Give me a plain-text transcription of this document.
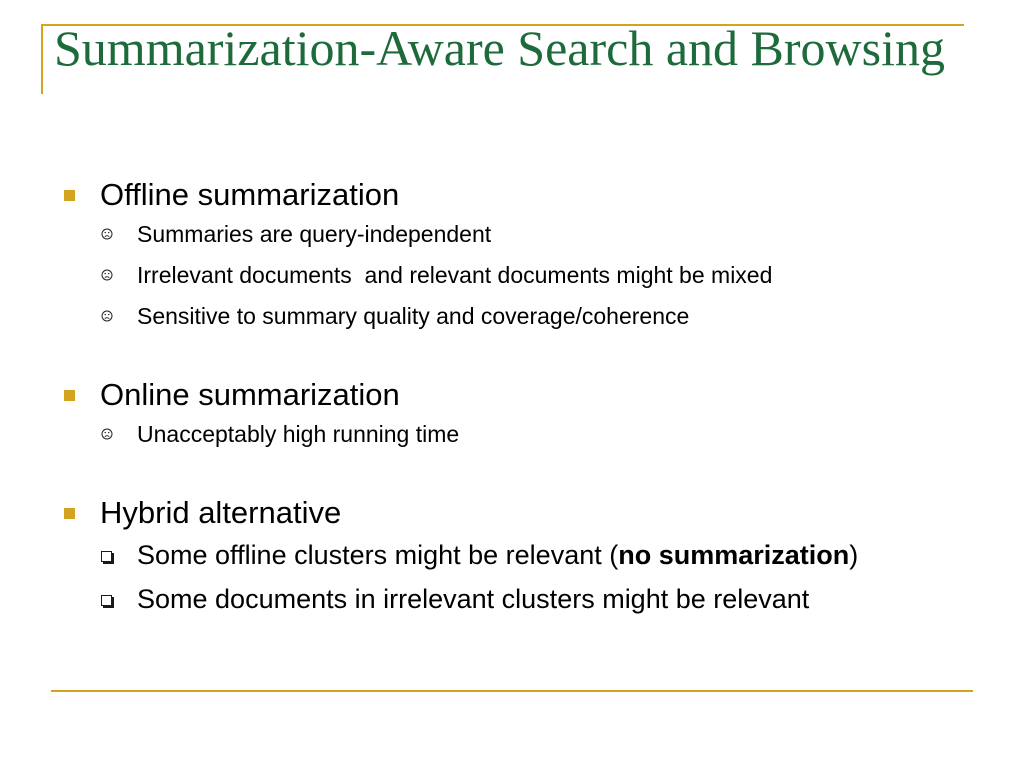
Summarization-Aware Search and Browsing
Offline summarization
Summaries are query-independent
Irrelevant documents  and relevant documents might be mixed
Sensitive to summary quality and coverage/coherence
Online summarization
Unacceptably high running time
Hybrid alternative
Some offline clusters might be relevant (no summarization)
Some documents in irrelevant clusters might be relevant
